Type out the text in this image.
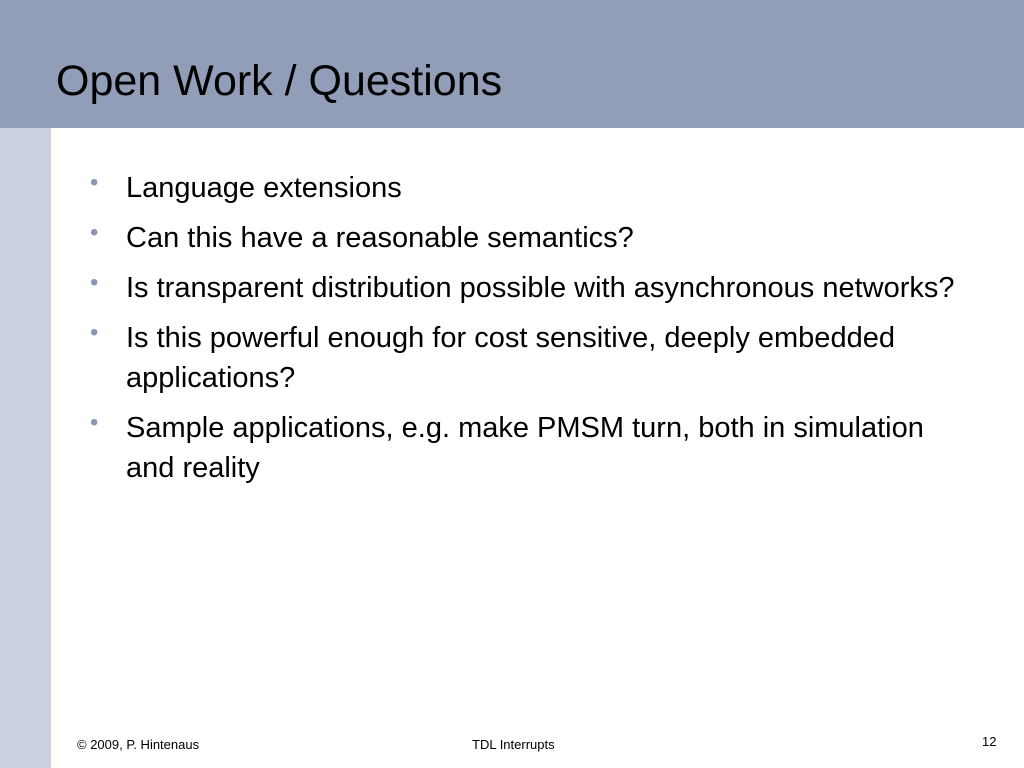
Open Work / Questions
• Language extensions
• Can this have a reasonable semantics?
• Is transparent distribution possible with asynchronous networks?
• Is this powerful enough for cost sensitive, deeply embedded applications?
• Sample applications, e.g. make PMSM turn, both in simulation and reality
© 2009, P. Hintenaus	TDL Interrupts	12
